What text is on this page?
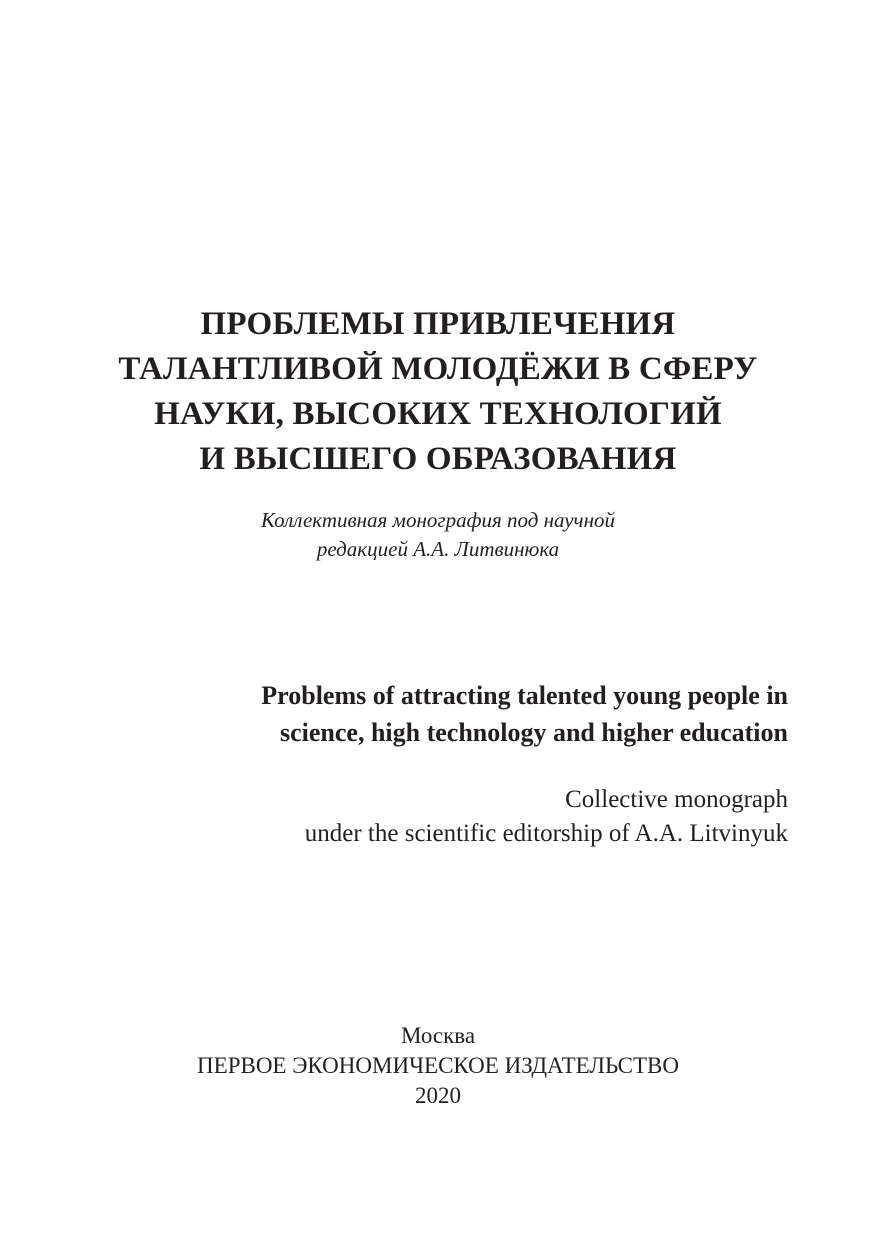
ПРОБЛЕМЫ ПРИВЛЕЧЕНИЯ
ТАЛАНТЛИВОЙ МОЛОДЁЖИ В СФЕРУ
НАУКИ, ВЫСОКИХ ТЕХНОЛОГИЙ
И ВЫСШЕГО ОБРАЗОВАНИЯ
Коллективная монография под научной
редакцией А.А. Литвинюка
Problems of attracting talented young people in
science, high technology and higher education
Collective monograph
under the scientific editorship of A.A. Litvinyuk
Москва
ПЕРВОЕ ЭКОНОМИЧЕСКОЕ ИЗДАТЕЛЬСТВО
2020
